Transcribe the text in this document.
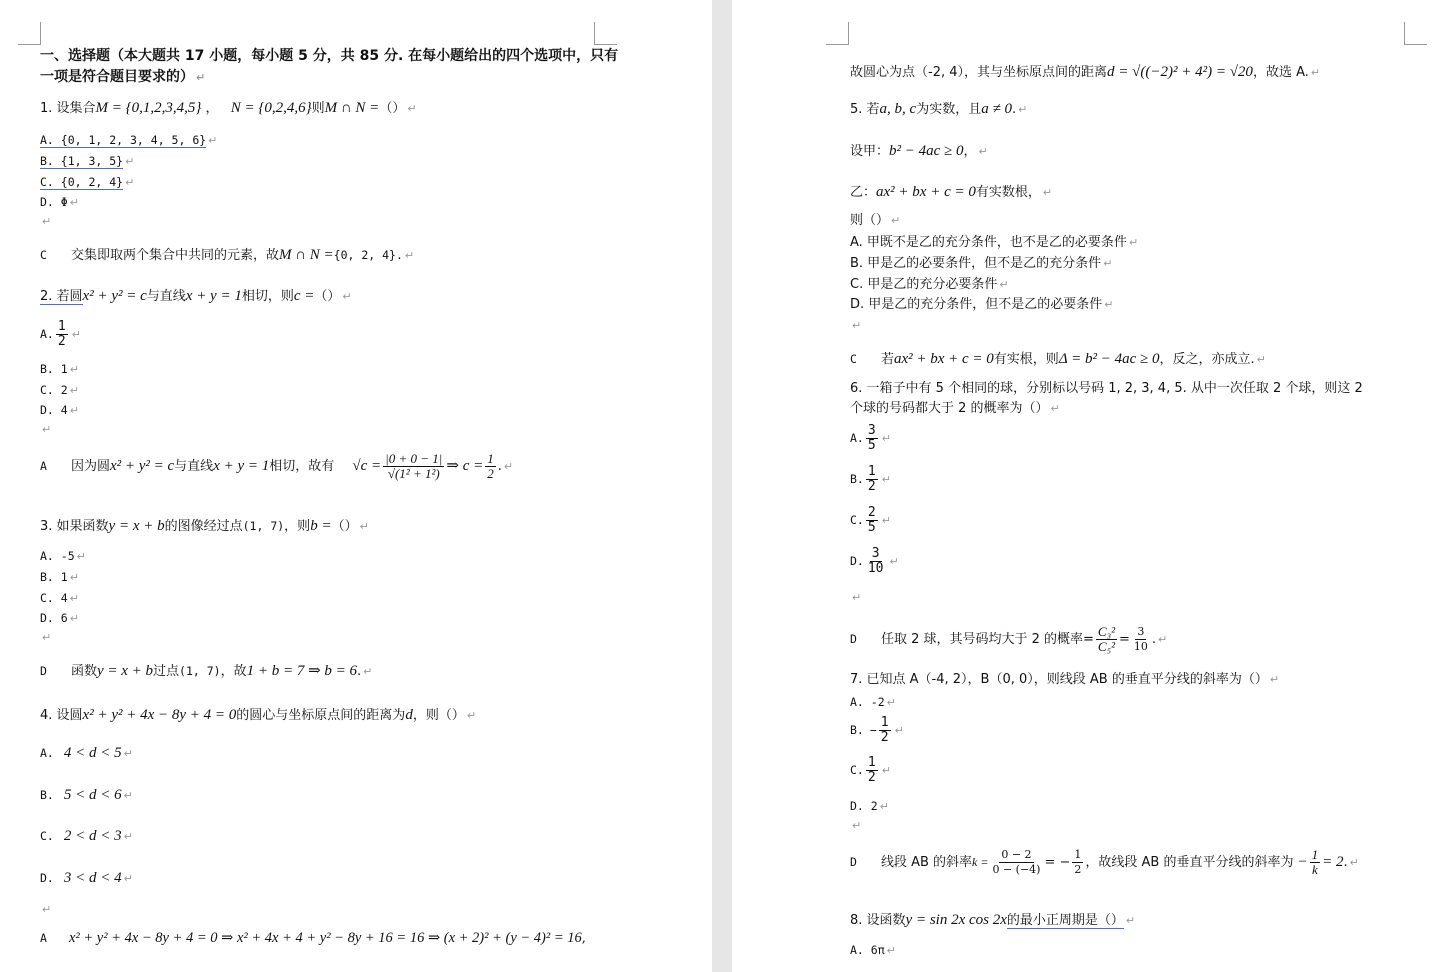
一、选择题（本大题共 17 小题，每小题 5 分，共 85 分. 在每小题给出的四个选项中，只有
一项是符合题目要求的） ↵
1. 设集合M = {0,1,2,3,4,5} ， N = {0,2,4,6}则M ∩ N =（） ↵
A. {0, 1, 2, 3, 4, 5, 6} ↵
B. {1, 3, 5} ↵
C. {0, 2, 4} ↵
D. Φ ↵
↵
C 交集即取两个集合中共同的元素，故M ∩ N ={0, 2, 4}. ↵
2. 若圆x² + y² = c与直线x + y = 1相切，则c =（） ↵
A. $\frac{1}{2}$ ↵
B. 1 ↵
C. 2 ↵
D. 4 ↵
↵
A 因为圆x² + y² = c与直线x + y = 1相切，故有 $√c = \frac{|0 + 0 - 1|}{\text{√(1² + 1²)}}$ ⇒ $c = \frac{1}{2}$ . ↵
3. 如果函数y = x + b的图像经过点(1, 7)，则b =（） ↵
A. -5 ↵
B. 1 ↵
C. 4 ↵
D. 6 ↵
↵
D 函数y = x + b过点(1, 7)，故1 + b = 7 ⇒ b = 6. ↵
4. 设圆x² + y² + 4x − 8y + 4 = 0的圆心与坐标原点间的距离为d，则（） ↵
A. 4 < d < 5 ↵
B. 5 < d < 6 ↵
C. 2 < d < 3 ↵
D. 3 < d < 4 ↵
↵
A x² + y² + 4x − 8y + 4 = 0 ⇒ x² + 4x + 4 + y² − 8y + 16 = 16 ⇒ (x + 2)² + (y − 4)² = 16,
故圆心为点（-2, 4），其与坐标原点间的距离d = √((−2)² + 4²) = √20，故选 A. ↵
5. 若a, b, c为实数，且a ≠ 0. ↵
设甲：b² − 4ac ≥ 0， ↵
乙：ax² + bx + c = 0有实数根， ↵
则（） ↵
A. 甲既不是乙的充分条件，也不是乙的必要条件 ↵
B. 甲是乙的必要条件，但不是乙的充分条件 ↵
C. 甲是乙的充分必要条件 ↵
D. 甲是乙的充分条件，但不是乙的必要条件 ↵
↵
C 若ax² + bx + c = 0有实根，则Δ = b² − 4ac ≥ 0，反之，亦成立. ↵
6. 一箱子中有 5 个相同的球，分别标以号码 1, 2, 3, 4, 5. 从中一次任取 2 个球，则这 2
个球的号码都大于 2 的概率为（） ↵
A. $\frac{3}{5}$ ↵
B. $\frac{1}{2}$ ↵
C. $\frac{2}{5}$ ↵
D. $\frac{3}{10}$ ↵
↵
D 任取 2 球，其号码均大于 2 的概率= $\frac{\text{C₃²}}{\text{C₅²}} = \frac{3}{10}$ . ↵
7. 已知点 A（-4, 2），B（0, 0），则线段 AB 的垂直平分线的斜率为（） ↵
A. -2 ↵
B. − $\frac{1}{2}$ ↵
C. $\frac{1}{2}$ ↵
D. 2 ↵
↵
D 线段 AB 的斜率$k = \frac{0 - 2}{0 - (-4)}$ = − $\frac{1}{2}$ ，故线段 AB 的垂直平分线的斜率为 − $\frac{1}{k} = 2$. ↵
8. 设函数y = sin 2x cos 2x的最小正周期是（） ↵
A. 6π ↵
